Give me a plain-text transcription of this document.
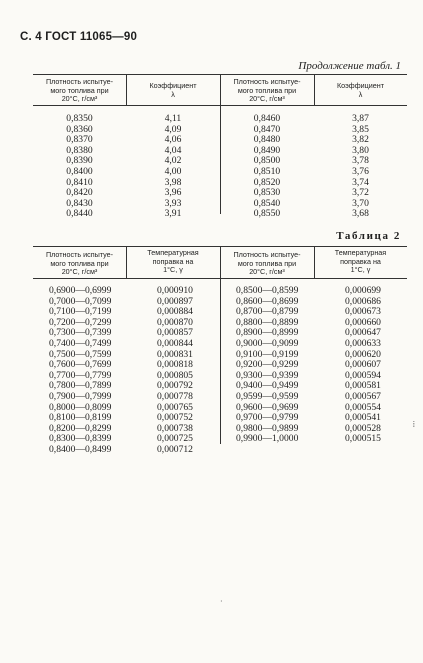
С. 4 ГОСТ 11065—90
Продолжение табл. 1
Плотность испытуе-
мого топлива при
20°С, г/см³
Коэффициент
λ
Плотность испытуе-
мого топлива при
20°С, г/см³
Коэффициент
λ
0,8350
0,8360
0,8370
0,8380
0,8390
0,8400
0,8410
0,8420
0,8430
0,8440
4,11
4,09
4,06
4,04
4,02
4,00
3,98
3,96
3,93
3,91
0,8460
0,8470
0,8480
0,8490
0,8500
0,8510
0,8520
0,8530
0,8540
0,8550
3,87
3,85
3,82
3,80
3,78
3,76
3,74
3,72
3,70
3,68
Таблица 2
Плотность испытуе-
мого топлива при
20°С, г/см³
Температурная
поправка на
1°С, γ
Плотность испытуе-
мого топлива при
20°С, г/см³
Температурная
поправка на
1°С, γ
0,6900—0,6999
0,7000—0,7099
0,7100—0,7199
0,7200—0,7299
0,7300—0,7399
0,7400—0,7499
0,7500—0,7599
0,7600—0,7699
0,7700—0,7799
0,7800—0,7899
0,7900—0,7999
0,8000—0,8099
0,8100—0,8199
0,8200—0,8299
0,8300—0,8399
0,8400—0,8499
0,000910
0,000897
0,000884
0,000870
0,000857
0,000844
0,000831
0,000818
0,000805
0,000792
0,000778
0,000765
0,000752
0,000738
0,000725
0,000712
0,8500—0,8599
0,8600—0,8699
0,8700—0,8799
0,8800—0,8899
0,8900—0,8999
0,9000—0,9099
0,9100—0,9199
0,9200—0,9299
0,9300—0,9399
0,9400—0,9499
0,9599—0,9599
0,9600—0,9699
0,9700—0,9799
0,9800—0,9899
0,9900—1,0000
0,000699
0,000686
0,000673
0,000660
0,000647
0,000633
0,000620
0,000607
0,000594
0,000581
0,000567
0,000554
0,000541
0,000528
0,000515
⁞
·
